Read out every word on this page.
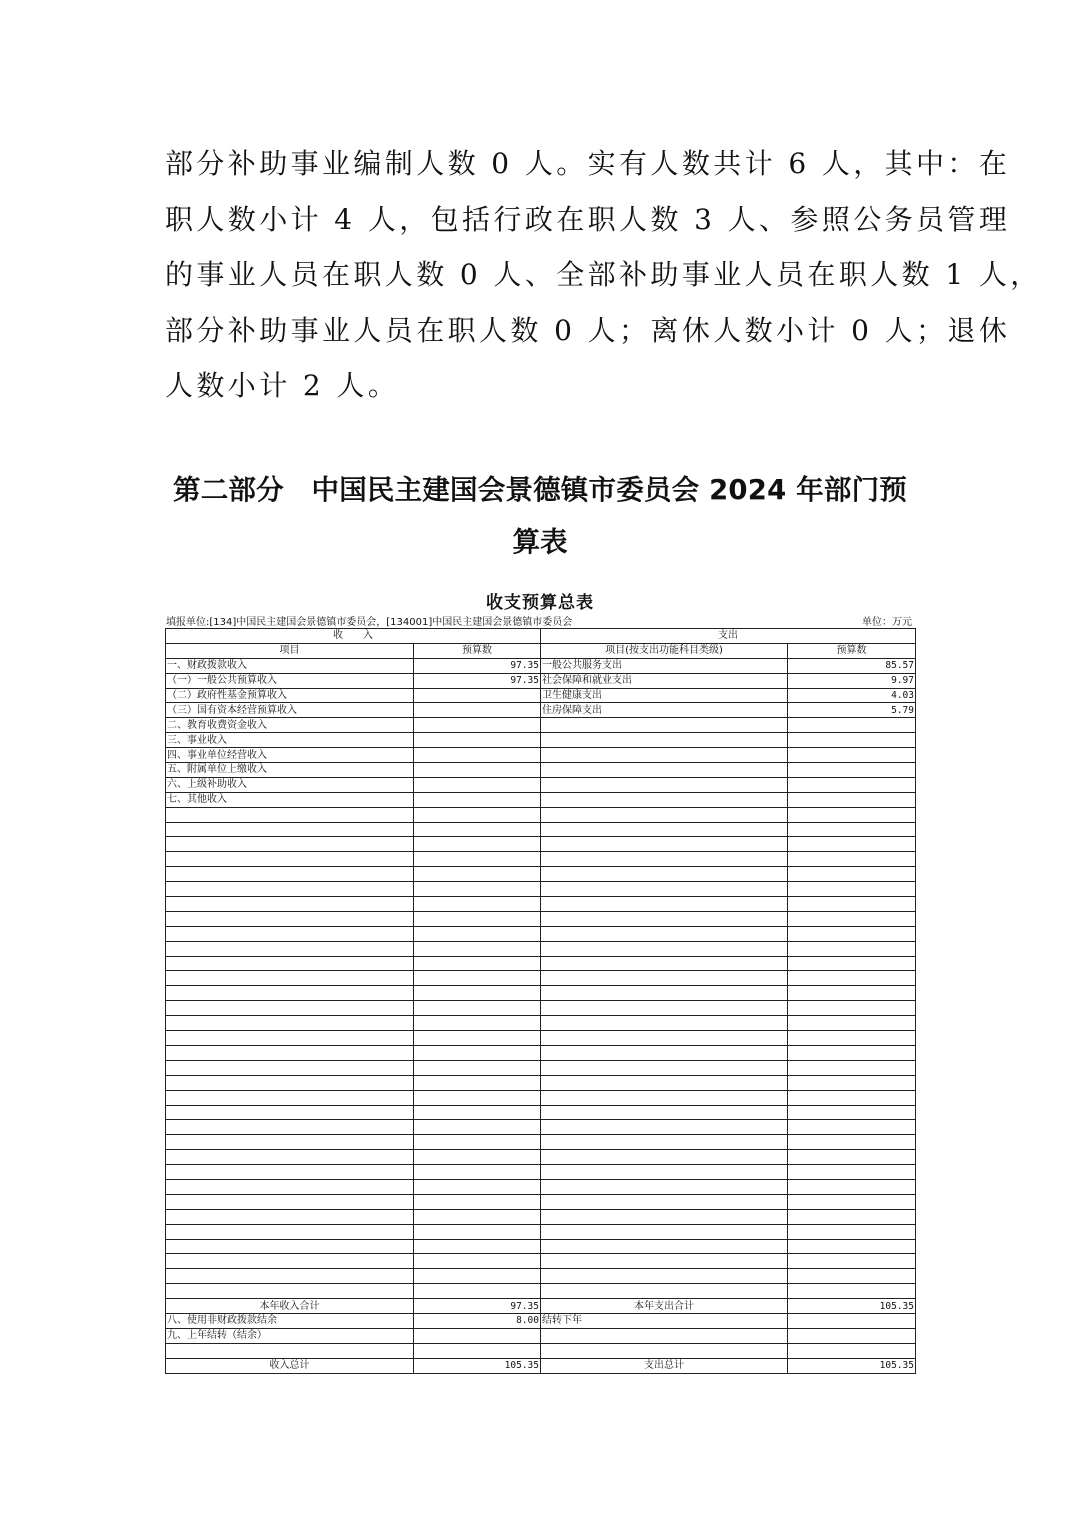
部分补助事业编制人数 0 人。实有人数共计 6 人，其中：在
职人数小计 4 人，包括行政在职人数 3 人、参照公务员管理
的事业人员在职人数 0 人、全部补助事业人员在职人数 1 人，
部分补助事业人员在职人数 0 人；离休人数小计 0 人；退休
人数小计 2 人。
第二部分　中国民主建国会景德镇市委员会 2024 年部门预
算表
收支预算总表
填报单位:[134]中国民主建国会景德镇市委员会，[134001]中国民主建国会景德镇市委员会	单位：万元
收　　入		支出	
项目	预算数	项目(按支出功能科目类级)	预算数
一、财政拨款收入	97.35	一般公共服务支出	85.57
（一）一般公共预算收入	97.35	社会保障和就业支出	9.97
（二）政府性基金预算收入		卫生健康支出	4.03
（三）国有资本经营预算收入		住房保障支出	5.79
二、教育收费资金收入			
三、事业收入			
四、事业单位经营收入			
五、附属单位上缴收入			
六、上级补助收入			
七、其他收入			

本年收入合计	97.35	本年支出合计	105.35
八、使用非财政拨款结余	8.00	结转下年	
九、上年结转（结余）			

收入总计	105.35	支出总计	105.35
